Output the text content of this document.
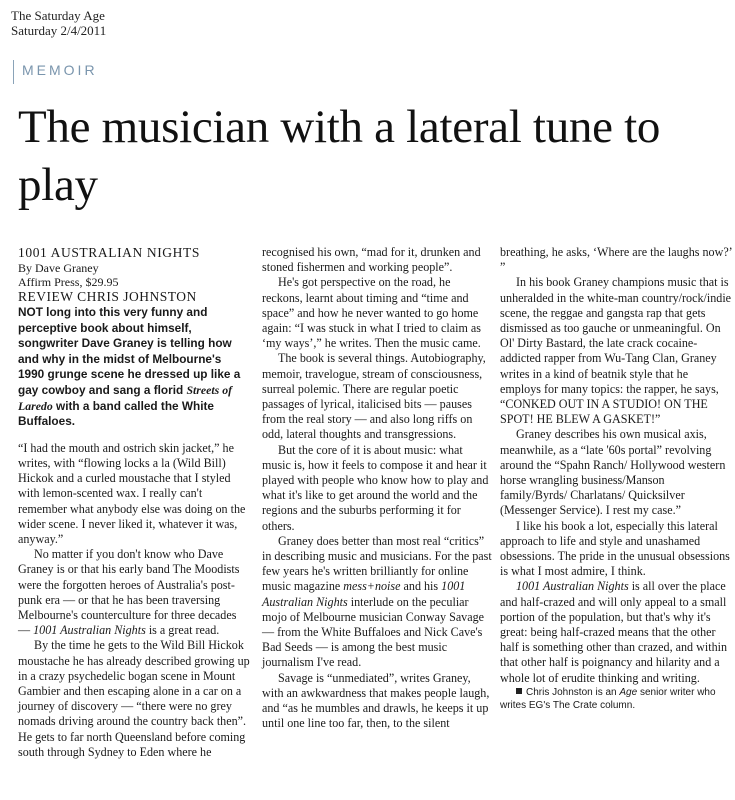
The Saturday Age
Saturday 2/4/2011
MEMOIR
The musician with a lateral tune to play

1001 AUSTRALIAN NIGHTS

By Dave Graney

Affirm Press, $29.95

REVIEW CHRIS JOHNSTON

NOT long into this very funny and perceptive book about himself, songwriter Dave Graney is telling how and why in the midst of Melbourne's 1990 grunge scene he dressed up like a gay cowboy and sang a florid Streets of Laredo with a band called the White Buffaloes.

“I had the mouth and ostrich skin jacket,” he writes, with “flowing locks a la (Wild Bill) Hickok and a curled moustache that I styled with lemon-scented wax. I really can't remember what anybody else was doing on the wider scene. I never liked it, whatever it was, anyway.”

No matter if you don't know who Dave Graney is or that his early band The Moodists were the forgotten heroes of Australia's post-punk era — or that he has been traversing Melbourne's counterculture for three decades — 1001 Australian Nights is a great read.

By the time he gets to the Wild Bill Hickok moustache he has already described growing up in a crazy psychedelic bogan scene in Mount Gambier and then escaping alone in a car on a journey of discovery — “there were no grey nomads driving around the country back then”. He gets to far north Queensland before coming south through Sydney to Eden where he

recognised his own, “mad for it, drunken and stoned fishermen and working people”.

He's got perspective on the road, he reckons, learnt about timing and “time and space” and how he never wanted to go home again: “I was stuck in what I tried to claim as ‘my ways’,” he writes. Then the music came.

The book is several things. Autobiography, memoir, travelogue, stream of consciousness, surreal polemic. There are regular poetic passages of lyrical, italicised bits — pauses from the real story — and also long riffs on odd, lateral thoughts and transgressions.

But the core of it is about music: what music is, how it feels to compose it and hear it played with people who know how to play and what it's like to get around the world and the regions and the suburbs performing it for others.

Graney does better than most real “critics” in describing music and musicians. For the past few years he's written brilliantly for online music magazine mess+noise and his 1001 Australian Nights interlude on the peculiar mojo of Melbourne musician Conway Savage — from the White Buffaloes and Nick Cave's Bad Seeds — is among the best music journalism I've read.

Savage is “unmediated”, writes Graney, with an awkwardness that makes people laugh, and “as he mumbles and drawls, he keeps it up until one line too far, then, to the silent

breathing, he asks, ‘Where are the laughs now?’ ”

In his book Graney champions music that is unheralded in the white-man country/rock/indie scene, the reggae and gangsta rap that gets dismissed as too gauche or unmeaningful. On Ol' Dirty Bastard, the late crack cocaine-addicted rapper from Wu-Tang Clan, Graney writes in a kind of beatnik style that he employs for many topics: the rapper, he says, “CONKED OUT IN A STUDIO! ON THE SPOT! HE BLEW A GASKET!”

Graney describes his own musical axis, meanwhile, as a “late '60s portal” revolving around the “Spahn Ranch/ Hollywood western horse wrangling business/Manson family/Byrds/ Charlatans/ Quicksilver (Messenger Service). I rest my case.”

I like his book a lot, especially this lateral approach to life and style and unashamed obsessions. The pride in the unusual obsessions is what I most admire, I think.

1001 Australian Nights is all over the place and half-crazed and will only appeal to a small portion of the population, but that's why it's great: being half-crazed means that the other half is something other than crazed, and within that other half is poignancy and hilarity and a whole lot of erudite thinking and writing.

Chris Johnston is an Age senior writer who writes EG's The Crate column.
